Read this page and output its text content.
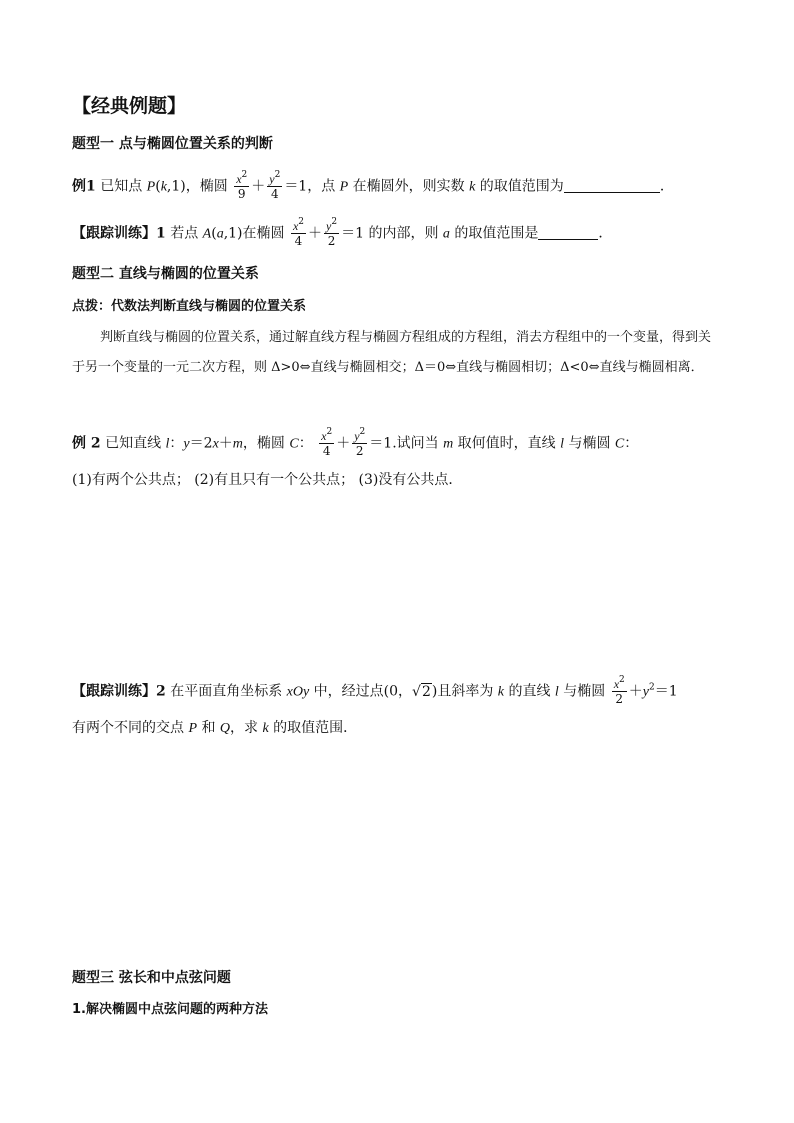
【经典例题】
题型一 点与椭圆位置关系的判断
例1 已知点 P(k,1)，椭圆 $\frac{x^2}{9} + \frac{y^2}{4} =1$，点 P 在椭圆外，则实数 k 的取值范围为	．
【跟踪训练】1 若点 A(a,1)在椭圆 $\frac{x^2}{4} + \frac{y^2}{2} =1$ 的内部，则 a 的取值范围是	．
题型二 直线与椭圆的位置关系
点拨：代数法判断直线与椭圆的位置关系
判断直线与椭圆的位置关系，通过解直线方程与椭圆方程组成的方程组，消去方程组中的一个变量，得到关于另一个变量的一元二次方程，则 Δ>0⇔直线与椭圆相交；Δ＝0⇔直线与椭圆相切；Δ<0⇔直线与椭圆相离．
例 2 已知直线 l：y＝2x＋m，椭圆 C： $\frac{x^2}{4} + \frac{y^2}{2} =1$.试问当 m 取何值时，直线 l 与椭圆 C：
(1)有两个公共点； (2)有且只有一个公共点； (3)没有公共点．
【跟踪训练】2 在平面直角坐标系 xOy 中，经过点(0，√2)且斜率为 k 的直线 l 与椭圆 $\frac{x^2}{2} +y^2=1$
有两个不同的交点 P 和 Q，求 k 的取值范围．
题型三 弦长和中点弦问题
1.解决椭圆中点弦问题的两种方法
